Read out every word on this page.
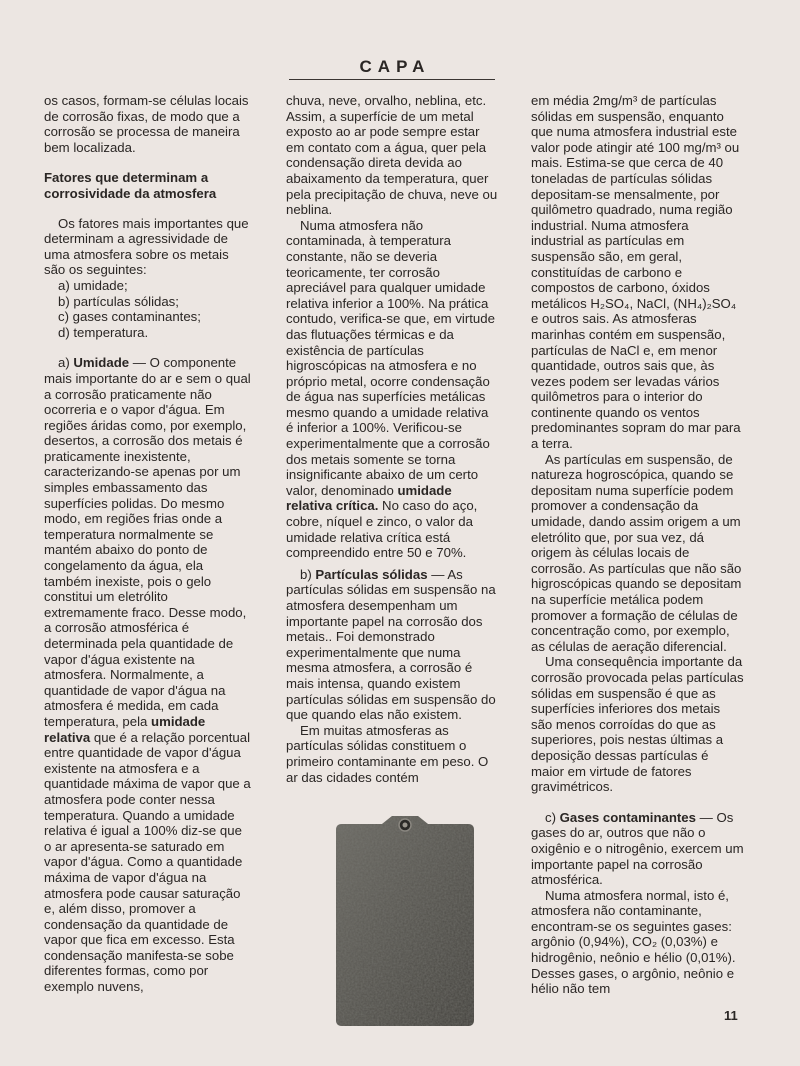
CAPA

os casos, formam-se células locais de corrosão fixas, de modo que a corrosão se processa de maneira bem localizada.

Fatores que determinam a corrosividade da atmosfera

Os fatores mais importantes que determinam a agressividade de uma atmosfera sobre os metais são os seguintes:

a) umidade;
b) partículas sólidas;
c) gases contaminantes;
d) temperatura.

a) Umidade — O componente mais importante do ar e sem o qual a corrosão praticamente não ocorreria e o vapor d'água. Em regiões áridas como, por exemplo, desertos, a corrosão dos metais é praticamente inexistente, caracterizando-se apenas por um simples embassamento das superfícies polidas. Do mesmo modo, em regiões frias onde a temperatura normalmente se mantém abaixo do ponto de congelamento da água, ela também inexiste, pois o gelo constitui um eletrólito extremamente fraco. Desse modo, a corrosão atmosférica é determinada pela quantidade de vapor d'água existente na atmosfera. Normalmente, a quantidade de vapor d'água na atmosfera é medida, em cada temperatura, pela umidade relativa que é a relação porcentual entre quantidade de vapor d'água existente na atmosfera e a quantidade máxima de vapor que a atmosfera pode conter nessa temperatura. Quando a umidade relativa é igual a 100% diz-se que o ar apresenta-se saturado em vapor d'água. Como a quantidade máxima de vapor d'água na atmosfera pode causar saturação e, além disso, promover a condensação da quantidade de vapor que fica em excesso. Esta condensação manifesta-se sobe diferentes formas, como por exemplo nuvens,

chuva, neve, orvalho, neblina, etc. Assim, a superfície de um metal exposto ao ar pode sempre estar em contato com a água, quer pela condensação direta devida ao abaixamento da temperatura, quer pela precipitação de chuva, neve ou neblina.

Numa atmosfera não contaminada, à temperatura constante, não se deveria teoricamente, ter corrosão apreciável para qualquer umidade relativa inferior a 100%. Na prática contudo, verifica-se que, em virtude das flutuações térmicas e da existência de partículas higroscópicas na atmosfera e no próprio metal, ocorre condensação de água nas superfícies metálicas mesmo quando a umidade relativa é inferior a 100%. Verificou-se experimentalmente que a corrosão dos metais somente se torna insignificante abaixo de um certo valor, denominado umidade relativa crítica. No caso do aço, cobre, níquel e zinco, o valor da umidade relativa crítica está compreendido entre 50 e 70%.

b) Partículas sólidas — As partículas sólidas em suspensão na atmosfera desempenham um importante papel na corrosão dos metais.. Foi demonstrado experimentalmente que numa mesma atmosfera, a corrosão é mais intensa, quando existem partículas sólidas em suspensão do que quando elas não existem.

Em muitas atmosferas as partículas sólidas constituem o primeiro contaminante em peso. O ar das cidades contém

em média 2mg/m³ de partículas sólidas em suspensão, enquanto que numa atmosfera industrial este valor pode atingir até 100 mg/m³ ou mais. Estima-se que cerca de 40 toneladas de partículas sólidas depositam-se mensalmente, por quilômetro quadrado, numa região industrial. Numa atmosfera industrial as partículas em suspensão são, em geral, constituídas de carbono e compostos de carbono, óxidos metálicos H₂SO₄, NaCl, (NH₄)₂SO₄ e outros sais. As atmosferas marinhas contém em suspensão, partículas de NaCl e, em menor quantidade, outros sais que, às vezes podem ser levadas vários quilômetros para o interior do continente quando os ventos predominantes sopram do mar para a terra.

As partículas em suspensão, de natureza hogroscópica, quando se depositam numa superfície podem promover a condensação da umidade, dando assim origem a um eletrólito que, por sua vez, dá origem às células locais de corrosão. As partículas que não são higroscópicas quando se depositam na superfície metálica podem promover a formação de células de concentração como, por exemplo, as células de aeração diferencial.

Uma consequência importante da corrosão provocada pelas partículas sólidas em suspensão é que as superfícies inferiores dos metais são menos corroídas do que as superiores, pois nestas últimas a deposição dessas partículas é maior em virtude de fatores gravimétricos.

c) Gases contaminantes — Os gases do ar, outros que não o oxigênio e o nitrogênio, exercem um importante papel na corrosão atmosférica.

Numa atmosfera normal, isto é, atmosfera não contaminante, encontram-se os seguintes gases: argônio (0,94%), CO₂ (0,03%) e hidrogênio, neônio e hélio (0,01%). Desses gases, o argônio, neônio e hélio não tem

11
